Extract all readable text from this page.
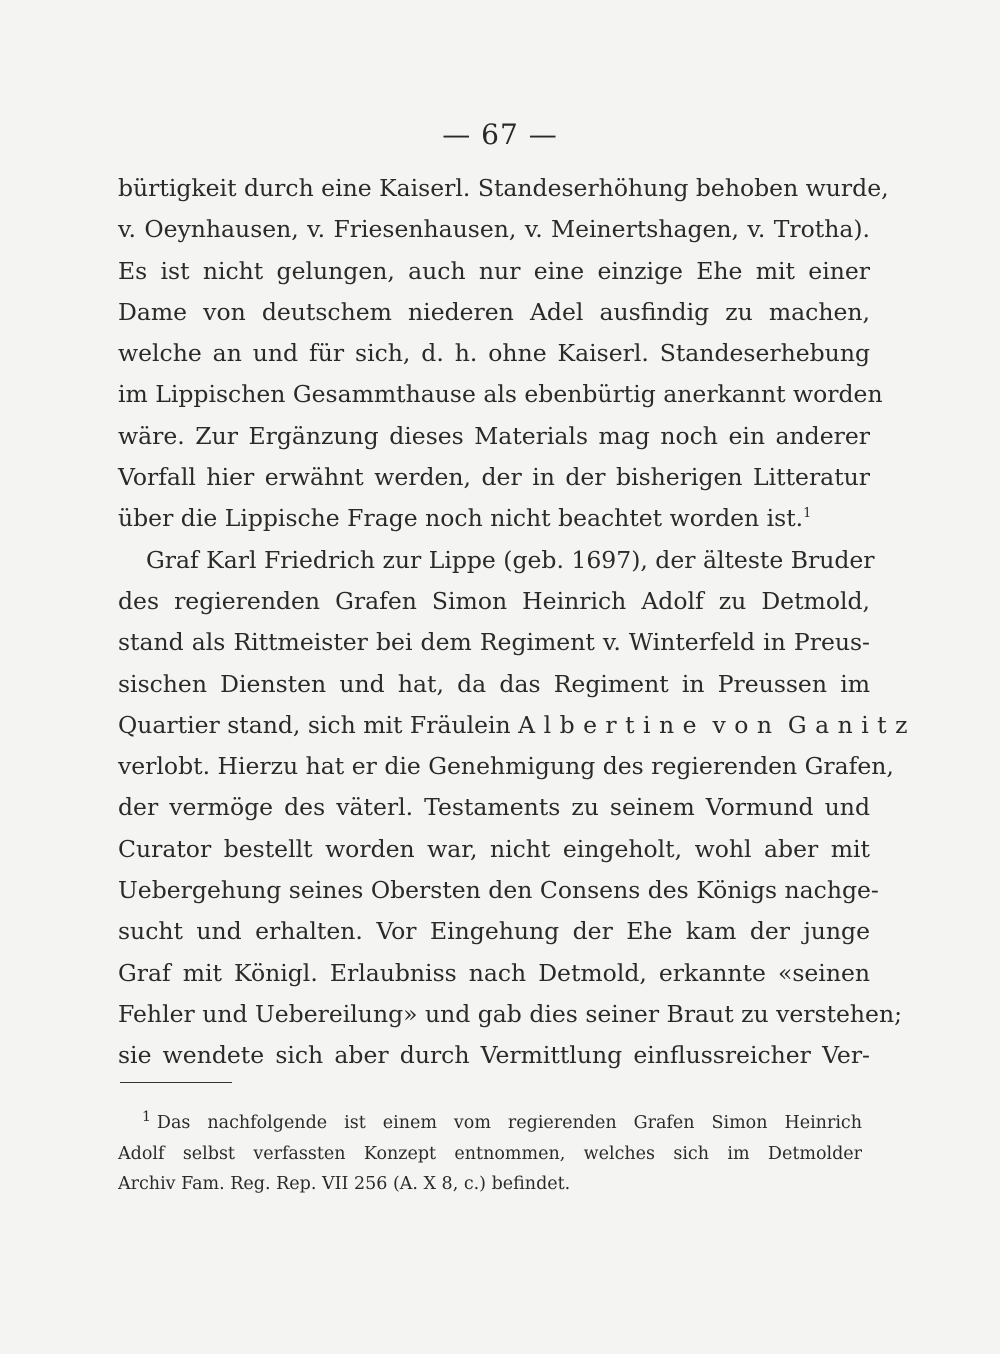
— 67 —
bürtigkeit durch eine Kaiserl. Standeserhöhung behoben wurde,
v. Oeynhausen, v. Friesenhausen, v. Meinertshagen, v. Trotha).
Es ist nicht gelungen, auch nur eine einzige Ehe mit einer
Dame von deutschem niederen Adel ausfindig zu machen,
welche an und für sich, d. h. ohne Kaiserl. Standeserhebung
im Lippischen Gesammthause als ebenbürtig anerkannt worden
wäre. Zur Ergänzung dieses Materials mag noch ein anderer
Vorfall hier erwähnt werden, der in der bisherigen Litteratur
über die Lippische Frage noch nicht beachtet worden ist.$^1$
Graf Karl Friedrich zur Lippe (geb. 1697), der älteste Bruder
des regierenden Grafen Simon Heinrich Adolf zu Detmold,
stand als Rittmeister bei dem Regiment v. Winterfeld in Preus-
sischen Diensten und hat, da das Regiment in Preussen im
Quartier stand, sich mit Fräulein Albertine von Ganitz
verlobt. Hierzu hat er die Genehmigung des regierenden Grafen,
der vermöge des väterl. Testaments zu seinem Vormund und
Curator bestellt worden war, nicht eingeholt, wohl aber mit
Uebergehung seines Obersten den Consens des Königs nachge-
sucht und erhalten. Vor Eingehung der Ehe kam der junge
Graf mit Königl. Erlaubniss nach Detmold, erkannte «seinen
Fehler und Uebereilung» und gab dies seiner Braut zu verstehen;
sie wendete sich aber durch Vermittlung einflussreicher Ver-
$^1$ Das nachfolgende ist einem vom regierenden Grafen Simon Heinrich
Adolf selbst verfassten Konzept entnommen, welches sich im Detmolder
Archiv Fam. Reg. Rep. VII 256 (A. X 8, c.) befindet.
